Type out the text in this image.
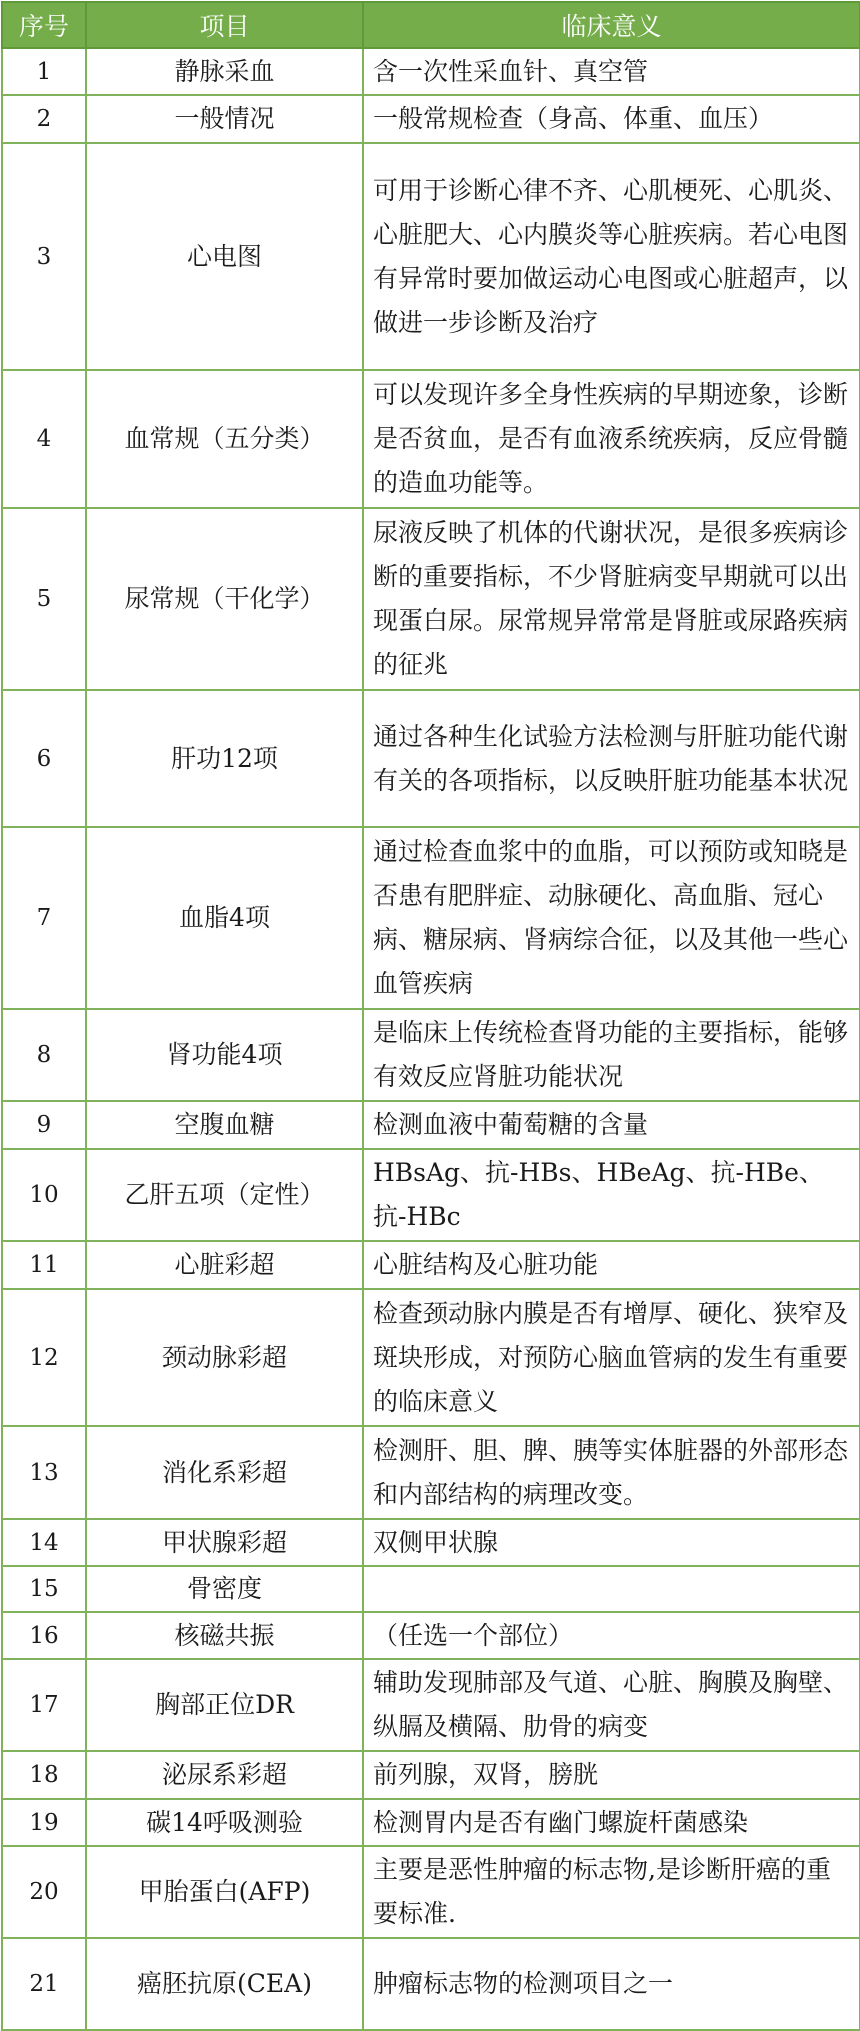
序号	项目	临床意义
1	静脉采血	含一次性采血针、真空管
2	一般情况	一般常规检查（身高、体重、血压）
3	心电图	可用于诊断心律不齐、心肌梗死、心肌炎、心脏肥大、心内膜炎等心脏疾病。若心电图有异常时要加做运动心电图或心脏超声，以做进一步诊断及治疗
4	血常规（五分类）	可以发现许多全身性疾病的早期迹象，诊断是否贫血，是否有血液系统疾病，反应骨髓的造血功能等。
5	尿常规（干化学）	尿液反映了机体的代谢状况，是很多疾病诊断的重要指标，不少肾脏病变早期就可以出现蛋白尿。尿常规异常常是肾脏或尿路疾病的征兆
6	肝功12项	通过各种生化试验方法检测与肝脏功能代谢有关的各项指标，以反映肝脏功能基本状况
7	血脂4项	通过检查血浆中的血脂，可以预防或知晓是否患有肥胖症、动脉硬化、高血脂、冠心病、糖尿病、肾病综合征，以及其他一些心血管疾病
8	肾功能4项	是临床上传统检查肾功能的主要指标，能够有效反应肾脏功能状况
9	空腹血糖	检测血液中葡萄糖的含量
10	乙肝五项（定性）	HBsAg、抗-HBs、HBeAg、抗-HBe、抗-HBc
11	心脏彩超	心脏结构及心脏功能
12	颈动脉彩超	检查颈动脉内膜是否有增厚、硬化、狭窄及斑块形成，对预防心脑血管病的发生有重要的临床意义
13	消化系彩超	检测肝、胆、脾、胰等实体脏器的外部形态和内部结构的病理改变。
14	甲状腺彩超	双侧甲状腺
15	骨密度	
16	核磁共振	（任选一个部位）
17	胸部正位DR	辅助发现肺部及气道、心脏、胸膜及胸壁、纵膈及横隔、肋骨的病变
18	泌尿系彩超	前列腺，双肾，膀胱
19	碳14呼吸测验	检测胃内是否有幽门螺旋杆菌感染
20	甲胎蛋白(AFP)	主要是恶性肿瘤的标志物,是诊断肝癌的重要标准.
21	癌胚抗原(CEA)	肿瘤标志物的检测项目之一
